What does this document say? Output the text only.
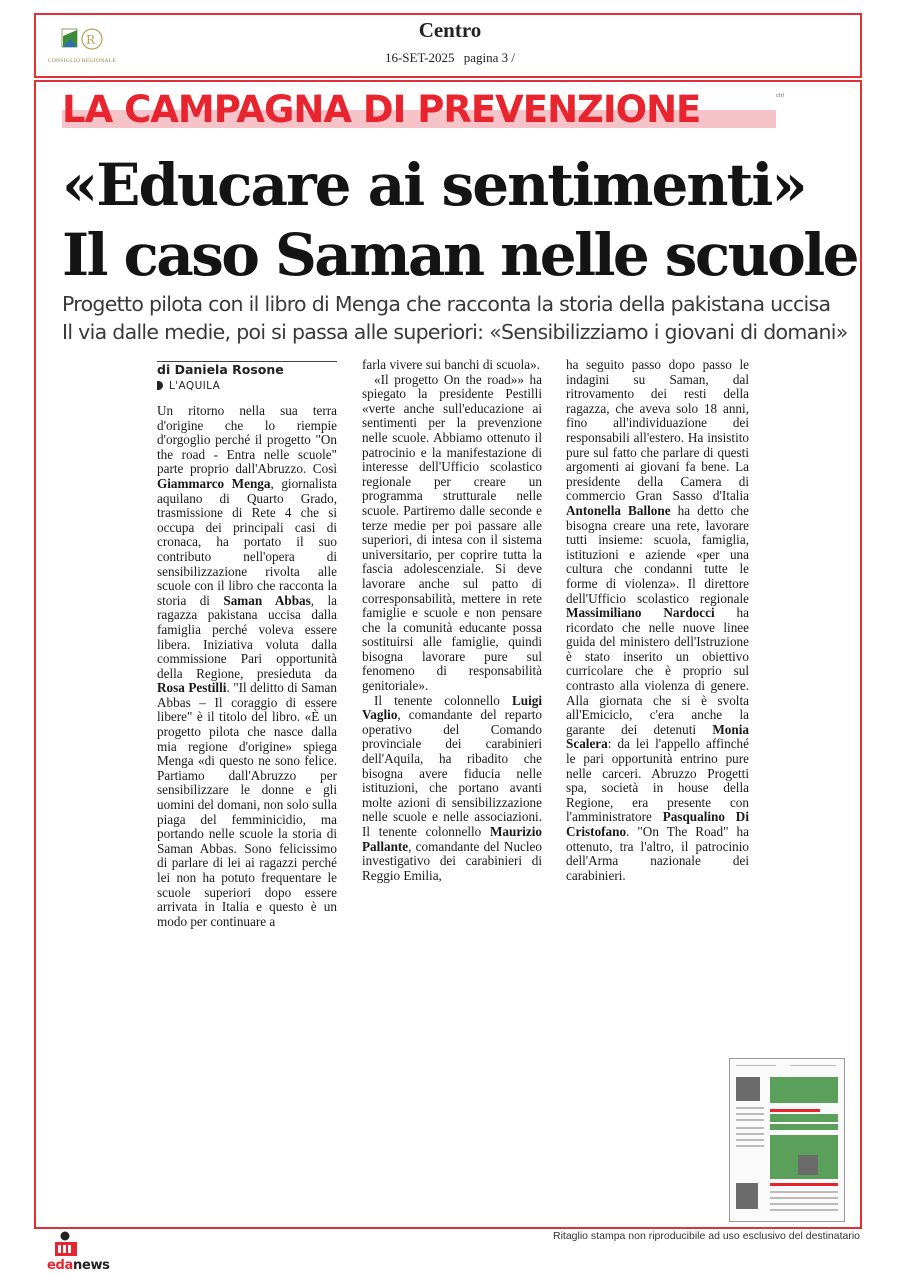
R
CONSIGLIO REGIONALE
Centro
16-SET-2025 pagina 3 /
LA CAMPAGNA DI PREVENZIONE	ctrl
«Educare ai sentimenti»
Il caso Saman nelle scuole
Progetto pilota con il libro di Menga che racconta la storia della pakistana uccisa
Il via dalle medie, poi si passa alle superiori: «Sensibilizziamo i giovani di domani»
di Daniela Rosone
L'AQUILA

Un ritorno nella sua terra d'origine che lo riempie d'orgoglio perché il progetto "On the road - Entra nelle scuole" parte proprio dall'Abruzzo. Così Giammarco Menga, giornalista aquilano di Quarto Grado, trasmissione di Rete 4 che si occupa dei principali casi di cronaca, ha portato il suo contributo nell'opera di sensibilizzazione rivolta alle scuole con il libro che racconta la storia di Saman Abbas, la ragazza pakistana uccisa dalla famiglia perché voleva essere libera. Iniziativa voluta dalla commissione Pari opportunità della Regione, presieduta da Rosa Pestilli. "Il delitto di Saman Abbas – Il coraggio di essere libere" è il titolo del libro. «È un progetto pilota che nasce dalla mia regione d'origine» spiega Menga «di questo ne sono felice. Partiamo dall'Abruzzo per sensibilizzare le donne e gli uomini del domani, non solo sulla piaga del femminicidio, ma portando nelle scuole la storia di Saman Abbas. Sono felicissimo di parlare di lei ai ragazzi perché lei non ha potuto frequentare le scuole superiori dopo essere arrivata in Italia e questo è un modo per continuare a

farla vivere sui banchi di scuola».

«Il progetto On the road»» ha spiegato la presidente Pestilli «verte anche sull'educazione ai sentimenti per la prevenzione nelle scuole. Abbiamo ottenuto il patrocinio e la manifestazione di interesse dell'Ufficio scolastico regionale per creare un programma strutturale nelle scuole. Partiremo dalle seconde e terze medie per poi passare alle superiori, di intesa con il sistema universitario, per coprire tutta la fascia adolescenziale. Si deve lavorare anche sul patto di corresponsabilità, mettere in rete famiglie e scuole e non pensare che la comunità educante possa sostituirsi alle famiglie, quindi bisogna lavorare pure sul fenomeno di responsabilità genitoriale».

Il tenente colonnello Luigi Vaglio, comandante del reparto operativo del Comando provinciale dei carabinieri dell'Aquila, ha ribadito che bisogna avere fiducia nelle istituzioni, che portano avanti molte azioni di sensibilizzazione nelle scuole e nelle associazioni. Il tenente colonnello Maurizio Pallante, comandante del Nucleo investigativo dei carabinieri di Reggio Emilia,

ha seguito passo dopo passo le indagini su Saman, dal ritrovamento dei resti della ragazza, che aveva solo 18 anni, fino all'individuazione dei responsabili all'estero. Ha insistito pure sul fatto che parlare di questi argomenti ai giovani fa bene. La presidente della Camera di commercio Gran Sasso d'Italia Antonella Ballone ha detto che bisogna creare una rete, lavorare tutti insieme: scuola, famiglia, istituzioni e aziende «per una cultura che condanni tutte le forme di violenza». Il direttore dell'Ufficio scolastico regionale Massimiliano Nardocci ha ricordato che nelle nuove linee guida del ministero dell'Istruzione è stato inserito un obiettivo curricolare che è proprio sul contrasto alla violenza di genere. Alla giornata che si è svolta all'Emiciclo, c'era anche la garante dei detenuti Monia Scalera: da lei l'appello affinché le pari opportunità entrino pure nelle carceri. Abruzzo Progetti spa, società in house della Regione, era presente con l'amministratore Pasqualino Di Cristofano. "On The Road" ha ottenuto, tra l'altro, il patrocinio dell'Arma nazionale dei carabinieri.

Ritaglio stampa non riproducibile ad uso esclusivo del destinatario
edanews
